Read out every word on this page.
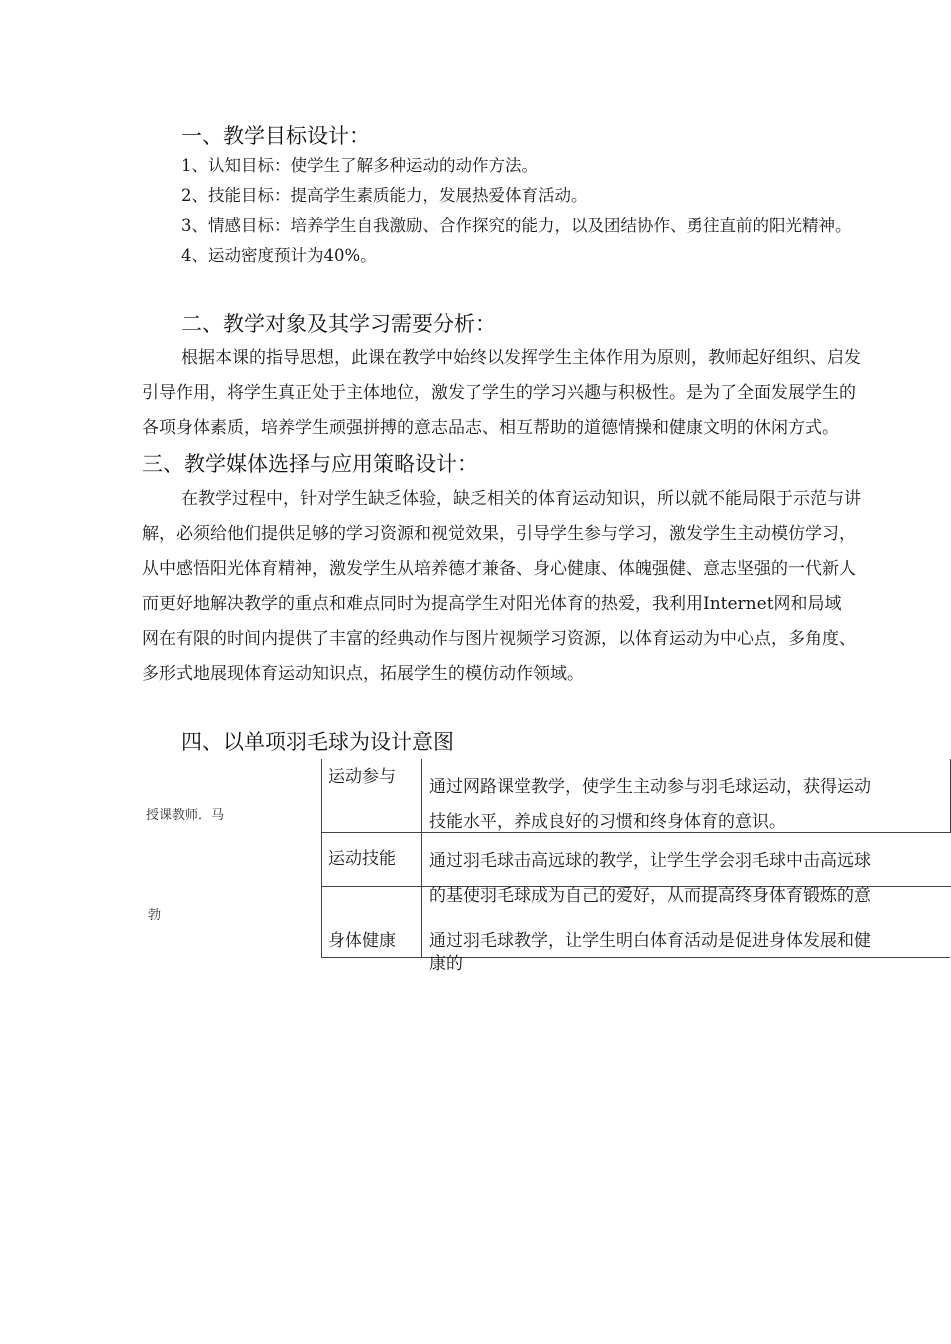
一、教学目标设计：
1、认知目标：使学生了解多种运动的动作方法。
2、技能目标：提高学生素质能力，发展热爱体育活动。
3、情感目标：培养学生自我激励、合作探究的能力，以及团结协作、勇往直前的阳光精神。
4、运动密度预计为40%。
二、教学对象及其学习需要分析：
根据本课的指导思想，此课在教学中始终以发挥学生主体作用为原则，教师起好组织、启发
引导作用，将学生真正处于主体地位，激发了学生的学习兴趣与积极性。是为了全面发展学生的
各项身体素质，培养学生顽强拼搏的意志品志、相互帮助的道德情操和健康文明的休闲方式。
三、教学媒体选择与应用策略设计：
在教学过程中，针对学生缺乏体验，缺乏相关的体育运动知识，所以就不能局限于示范与讲
解，必须给他们提供足够的学习资源和视觉效果，引导学生参与学习，激发学生主动模仿学习，
从中感悟阳光体育精神，激发学生从培养德才兼备、身心健康、体魄强健、意志坚强的一代新人
而更好地解决教学的重点和难点同时为提高学生对阳光体育的热爱，我利用Internet网和局域
网在有限的时间内提供了丰富的经典动作与图片视频学习资源，以体育运动为中心点，多角度、
多形式地展现体育运动知识点，拓展学生的模仿动作领域。
四、以单项羽毛球为设计意图
授课教师．马
勃
运动参与 通过网路课堂教学，使学生主动参与羽毛球运动，获得运动
技能水平，养成良好的习惯和终身体育的意识。
运动技能 通过羽毛球击高远球的教学，让学生学会羽毛球中击高远球
的基使羽毛球成为自己的爱好，从而提高终身体育锻炼的意
身体健康 通过羽毛球教学，让学生明白体育活动是促进身体发展和健
康的
